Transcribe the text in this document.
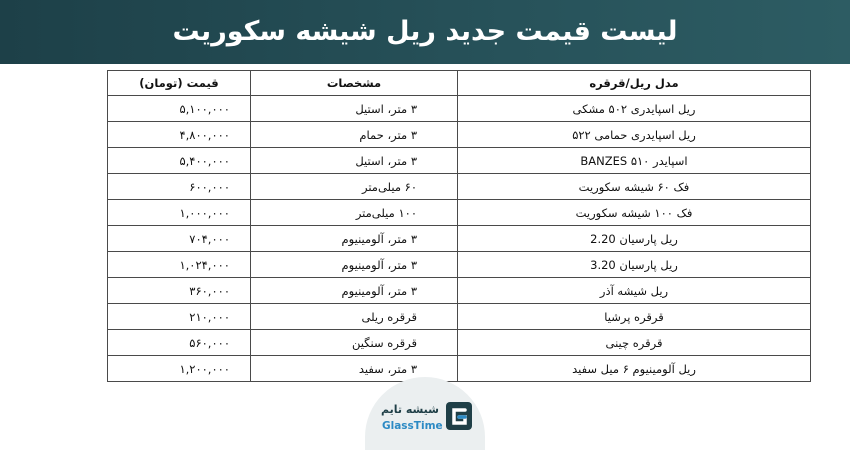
لیست قیمت جدید ریل شیشه سکوریت
مدل ریل/قرقره	مشخصات	قیمت (تومان)
ریل اسپایدری ۵۰۲ مشکی	۳ متر، استیل	۵,۱۰۰,۰۰۰
ریل اسپایدری حمامی ۵۲۲	۳ متر، حمام	۴,۸۰۰,۰۰۰
اسپایدر BANZES ۵۱۰	۳ متر، استیل	۵,۴۰۰,۰۰۰
فک ۶۰ شیشه سکوریت	۶۰ میلی‌متر	۶۰۰,۰۰۰
فک ۱۰۰ شیشه سکوریت	۱۰۰ میلی‌متر	۱,۰۰۰,۰۰۰
ریل پارسیان 2.20	۳ متر، آلومینیوم	۷۰۴,۰۰۰
ریل پارسیان 3.20	۳ متر، آلومینیوم	۱,۰۲۴,۰۰۰
ریل شیشه آذر	۳ متر، آلومینیوم	۳۶۰,۰۰۰
قرقره پرشیا	قرقره ریلی	۲۱۰,۰۰۰
قرقره چینی	قرقره سنگین	۵۶۰,۰۰۰
ریل آلومینیوم ۶ میل سفید	۳ متر، سفید	۱,۲۰۰,۰۰۰
شیشه تایم
GlassTime
